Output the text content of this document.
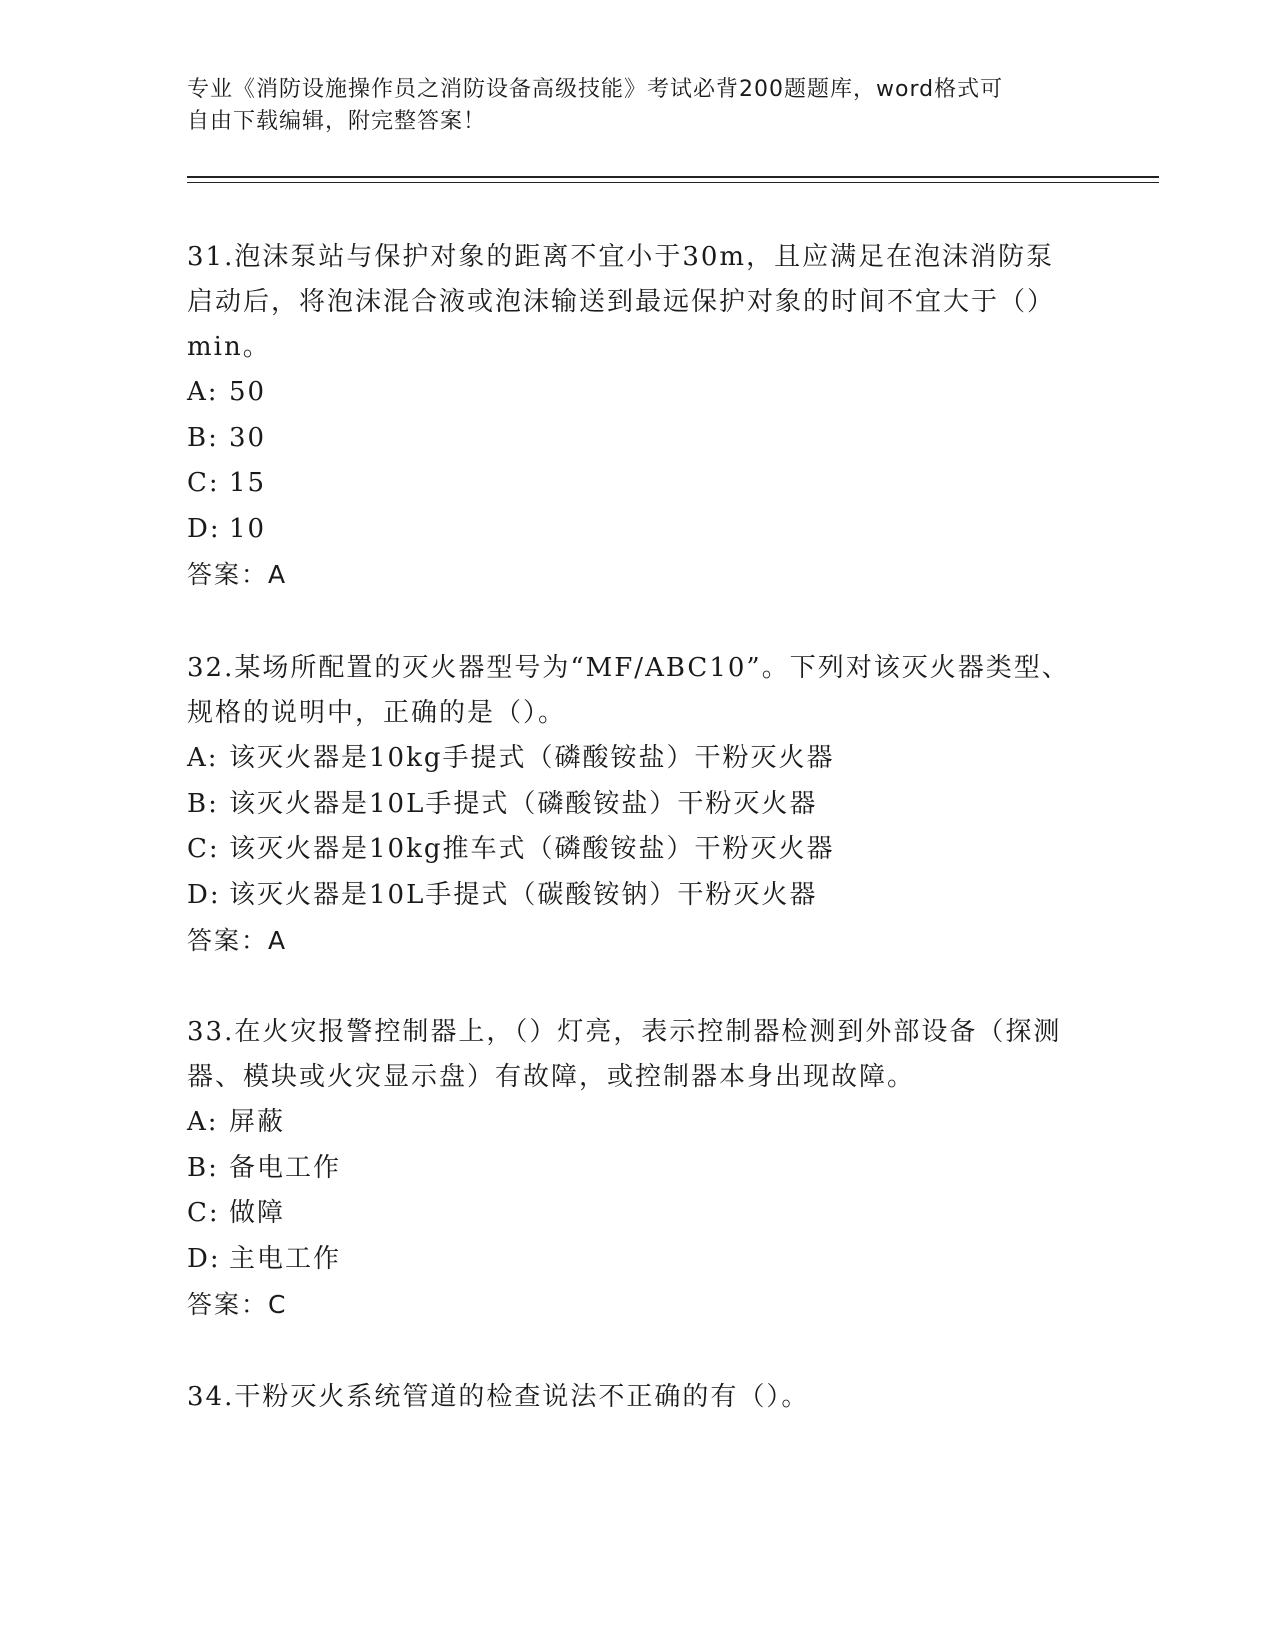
专业《消防设施操作员之消防设备高级技能》考试必背200题题库，word格式可
自由下载编辑，附完整答案！
31.泡沫泵站与保护对象的距离不宜小于30m，且应满足在泡沫消防泵启动后，将泡沫混合液或泡沫输送到最远保护对象的时间不宜大于（）min。
A: 50
B: 30
C: 15
D: 10
答案：A
32.某场所配置的灭火器型号为“MF/ABC10”。下列对该灭火器类型、规格的说明中，正确的是（）。
A: 该灭火器是10kg手提式（磷酸铵盐）干粉灭火器
B: 该灭火器是10L手提式（磷酸铵盐）干粉灭火器
C: 该灭火器是10kg推车式（磷酸铵盐）干粉灭火器
D: 该灭火器是10L手提式（碳酸铵钠）干粉灭火器
答案：A
33.在火灾报警控制器上，（）灯亮，表示控制器检测到外部设备（探测器、模块或火灾显示盘）有故障，或控制器本身出现故障。
A: 屏蔽
B: 备电工作
C: 做障
D: 主电工作
答案：C
34.干粉灭火系统管道的检查说法不正确的有（）。
